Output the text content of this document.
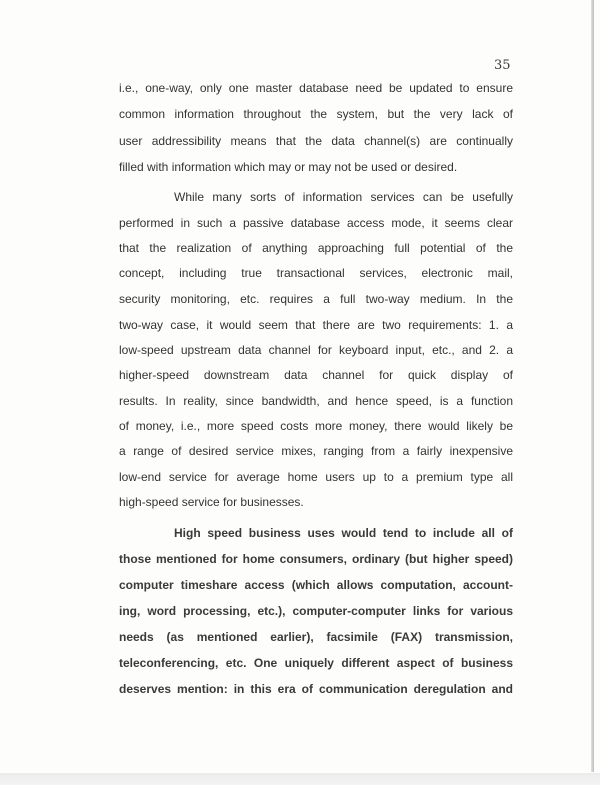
35
i.e., one-way, only one master database need be updated to ensure
common information throughout the system, but the very lack of
user addressibility means that the data channel(s) are continually
filled with information which may or may not be used or desired.
While many sorts of information services can be usefully
performed in such a passive database access mode, it seems clear
that the realization of anything approaching full potential of the
concept, including true transactional services, electronic mail,
security monitoring, etc. requires a full two-way medium. In the
two-way case, it would seem that there are two requirements: 1. a
low-speed upstream data channel for keyboard input, etc., and 2. a
higher-speed downstream data channel for quick display of
results. In reality, since bandwidth, and hence speed, is a function
of money, i.e., more speed costs more money, there would likely be
a range of desired service mixes, ranging from a fairly inexpensive
low-end service for average home users up to a premium type all
high-speed service for businesses.
High speed business uses would tend to include all of
those mentioned for home consumers, ordinary (but higher speed)
computer timeshare access (which allows computation, account-
ing, word processing, etc.), computer-computer links for various
needs (as mentioned earlier), facsimile (FAX) transmission,
teleconferencing, etc. One uniquely different aspect of business
deserves mention: in this era of communication deregulation and
